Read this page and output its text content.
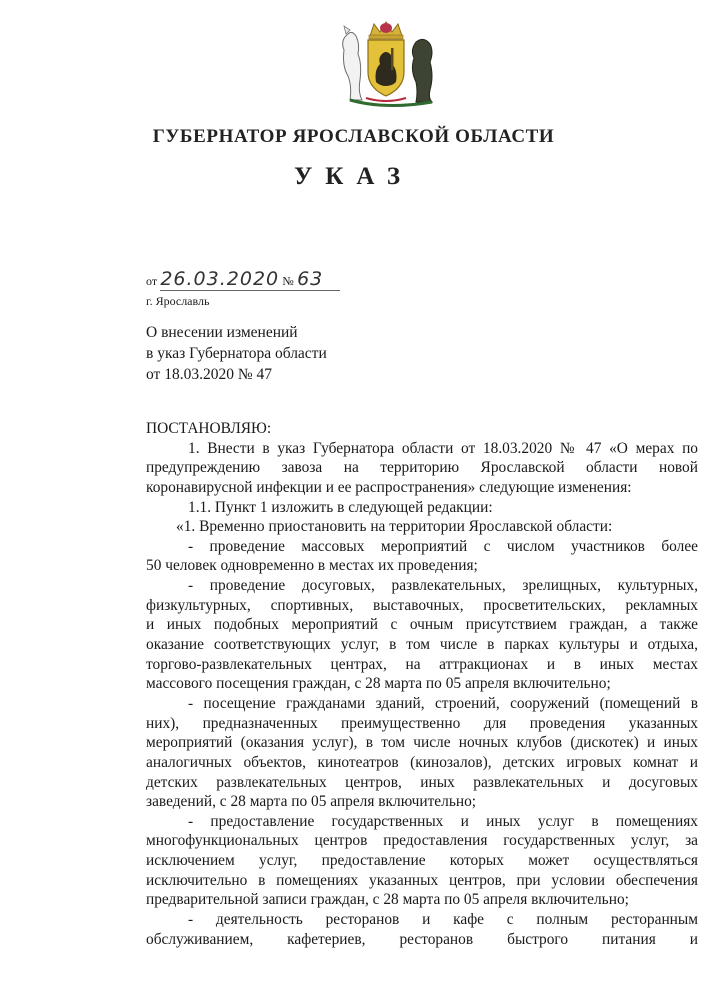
ГУБЕРНАТОР ЯРОСЛАВСКОЙ ОБЛАСТИ
УКАЗ
от 26.03.2020 № 63
г. Ярославль
О внесении изменений
в указ Губернатора области
от 18.03.2020 № 47
ПОСТАНОВЛЯЮ:
1. Внести в указ Губернатора области от 18.03.2020 № 47 «О мерах по
предупреждению завоза на территорию Ярославской области новой
коронавирусной инфекции и ее распространения» следующие изменения:
1.1. Пункт 1 изложить в следующей редакции:
«1. Временно приостановить на территории Ярославской области:
- проведение массовых мероприятий с числом участников более
50 человек одновременно в местах их проведения;
- проведение досуговых, развлекательных, зрелищных, культурных,
физкультурных, спортивных, выставочных, просветительских, рекламных
и иных подобных мероприятий с очным присутствием граждан, а также
оказание соответствующих услуг, в том числе в парках культуры и отдыха,
торгово-развлекательных центрах, на аттракционах и в иных местах
массового посещения граждан, с 28 марта по 05 апреля включительно;
- посещение гражданами зданий, строений, сооружений (помещений в
них), предназначенных преимущественно для проведения указанных
мероприятий (оказания услуг), в том числе ночных клубов (дискотек) и иных
аналогичных объектов, кинотеатров (кинозалов), детских игровых комнат и
детских развлекательных центров, иных развлекательных и досуговых
заведений, с 28 марта по 05 апреля включительно;
- предоставление государственных и иных услуг в помещениях
многофункциональных центров предоставления государственных услуг, за
исключением услуг, предоставление которых может осуществляться
исключительно в помещениях указанных центров, при условии обеспечения
предварительной записи граждан, с 28 марта по 05 апреля включительно;
- деятельность ресторанов и кафе с полным ресторанным
обслуживанием, кафетериев, ресторанов быстрого питания и
